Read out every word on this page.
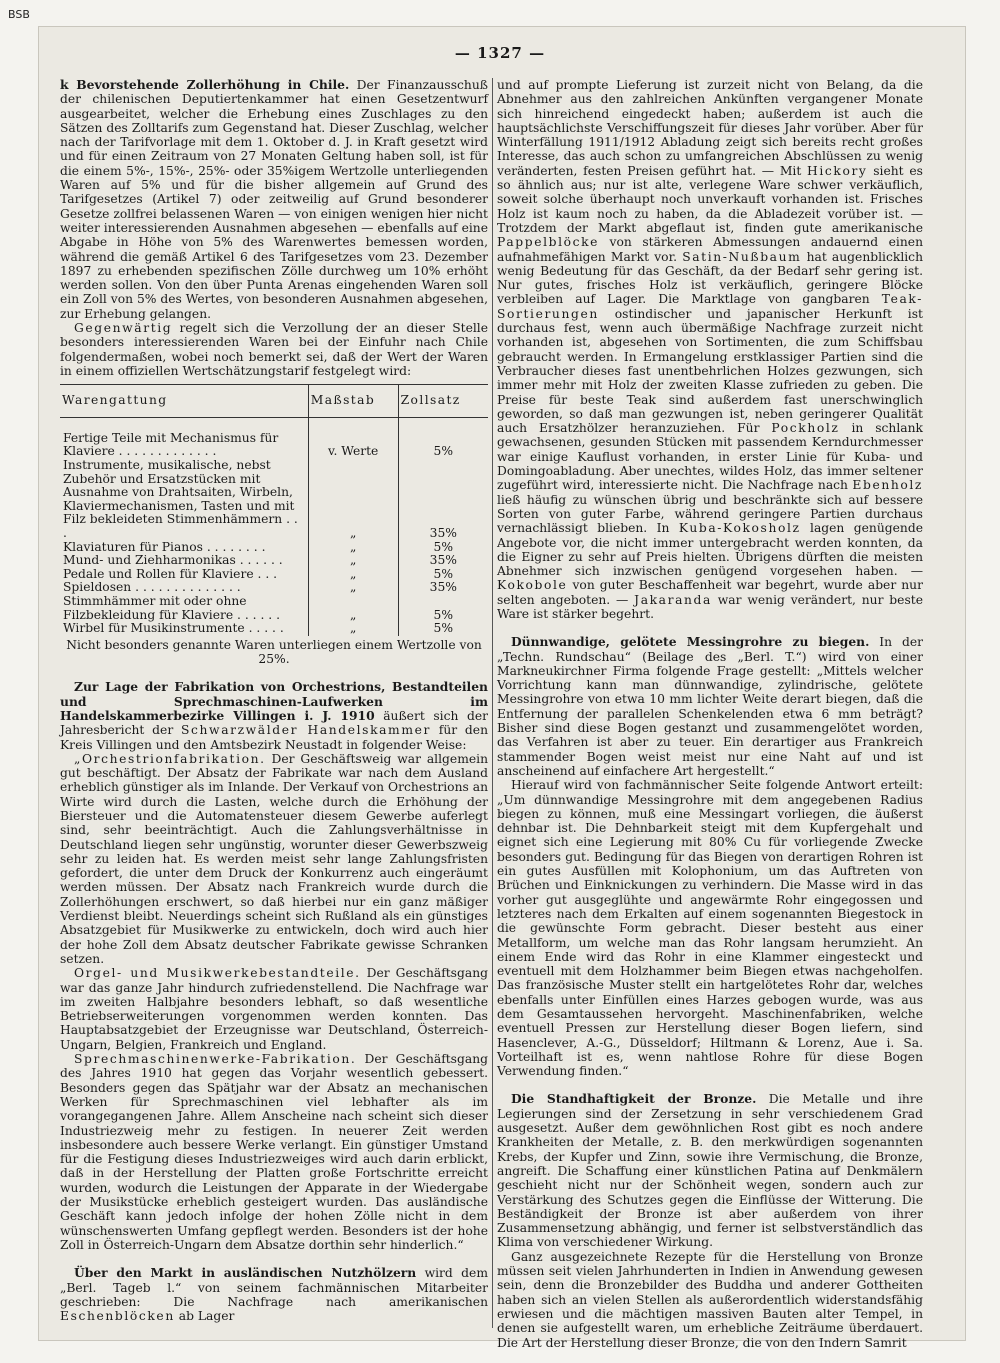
BSB
— 1327 —

k Bevorstehende Zollerhöhung in Chile. Der Finanzausschuß der chilenischen Deputiertenkammer hat einen Gesetzentwurf ausgearbeitet, welcher die Erhebung eines Zuschlages zu den Sätzen des Zolltarifs zum Gegenstand hat. Dieser Zuschlag, welcher nach der Tarifvorlage mit dem 1. Oktober d. J. in Kraft gesetzt wird und für einen Zeitraum von 27 Monaten Geltung haben soll, ist für die einem 5%-, 15%-, 25%- oder 35%igem Wertzolle unterliegenden Waren auf 5% und für die bisher allgemein auf Grund des Tarifgesetzes (Artikel 7) oder zeitweilig auf Grund besonderer Gesetze zollfrei belassenen Waren — von einigen wenigen hier nicht weiter interessierenden Ausnahmen abgesehen — ebenfalls auf eine Abgabe in Höhe von 5% des Warenwertes bemessen worden, während die gemäß Artikel 6 des Tarifgesetzes vom 23. Dezember 1897 zu erhebenden spezifischen Zölle durchweg um 10% erhöht werden sollen. Von den über Punta Arenas eingehenden Waren soll ein Zoll von 5% des Wertes, von besonderen Ausnahmen abgesehen, zur Erhebung gelangen.

Gegenwärtig regelt sich die Verzollung der an dieser Stelle besonders interessierenden Waren bei der Einfuhr nach Chile folgendermaßen, wobei noch bemerkt sei, daß der Wert der Waren in einem offiziellen Wertschätzungstarif festgelegt wird:

Warengattung	Maßstab	Zollsatz
Fertige Teile mit Mechanismus für Klaviere . . . . . . . . . . . . .	v. Werte	5%
Instrumente, musikalische, nebst Zubehör und Ersatzstücken mit Ausnahme von Drahtsaiten, Wirbeln, Klaviermechanismen, Tasten und mit Filz bekleideten Stimmenhämmern . . .	„	35%
Klaviaturen für Pianos . . . . . . . .	„	5%
Mund- und Ziehharmonikas . . . . . .	„	35%
Pedale und Rollen für Klaviere . . .	„	5%
Spieldosen . . . . . . . . . . . . . .	„	35%
Stimmhämmer mit oder ohne Filzbekleidung für Klaviere . . . . . .	„	5%
Wirbel für Musikinstrumente . . . . .	„	5%

Nicht besonders genannte Waren unterliegen einem Wertzolle von 25%.

Zur Lage der Fabrikation von Orchestrions, Bestandteilen und Sprechmaschinen-Laufwerken im Handelskammerbezirke Villingen i. J. 1910 äußert sich der Jahresbericht der Schwarzwälder Handelskammer für den Kreis Villingen und den Amtsbezirk Neustadt in folgender Weise:

„Orchestrionfabrikation. Der Geschäftsweig war allgemein gut beschäftigt. Der Absatz der Fabrikate war nach dem Ausland erheblich günstiger als im Inlande. Der Verkauf von Orchestrions an Wirte wird durch die Lasten, welche durch die Erhöhung der Biersteuer und die Automatensteuer diesem Gewerbe auferlegt sind, sehr beeinträchtigt. Auch die Zahlungsverhältnisse in Deutschland liegen sehr ungünstig, worunter dieser Gewerbszweig sehr zu leiden hat. Es werden meist sehr lange Zahlungsfristen gefordert, die unter dem Druck der Konkurrenz auch eingeräumt werden müssen. Der Absatz nach Frankreich wurde durch die Zollerhöhungen erschwert, so daß hierbei nur ein ganz mäßiger Verdienst bleibt. Neuerdings scheint sich Rußland als ein günstiges Absatzgebiet für Musikwerke zu entwickeln, doch wird auch hier der hohe Zoll dem Absatz deutscher Fabrikate gewisse Schranken setzen.

Orgel- und Musikwerkebestandteile. Der Geschäftsgang war das ganze Jahr hindurch zufriedenstellend. Die Nachfrage war im zweiten Halbjahre besonders lebhaft, so daß wesentliche Betriebserweiterungen vorgenommen werden konnten. Das Hauptabsatzgebiet der Erzeugnisse war Deutschland, Österreich-Ungarn, Belgien, Frankreich und England.

Sprechmaschinenwerke-Fabrikation. Der Geschäftsgang des Jahres 1910 hat gegen das Vorjahr wesentlich gebessert. Besonders gegen das Spätjahr war der Absatz an mechanischen Werken für Sprechmaschinen viel lebhafter als im vorangegangenen Jahre. Allem Anscheine nach scheint sich dieser Industriezweig mehr zu festigen. In neuerer Zeit werden insbesondere auch bessere Werke verlangt. Ein günstiger Umstand für die Festigung dieses Industriezweiges wird auch darin erblickt, daß in der Herstellung der Platten große Fortschritte erreicht wurden, wodurch die Leistungen der Apparate in der Wiedergabe der Musikstücke erheblich gesteigert wurden. Das ausländische Geschäft kann jedoch infolge der hohen Zölle nicht in dem wünschenswerten Umfang gepflegt werden. Besonders ist der hohe Zoll in Österreich-Ungarn dem Absatze dorthin sehr hinderlich.“

Über den Markt in ausländischen Nutzhölzern wird dem „Berl. Tageb l.“ von seinem fachmännischen Mitarbeiter geschrieben: Die Nachfrage nach amerikanischen Eschenblöcken ab Lager

und auf prompte Lieferung ist zurzeit nicht von Belang, da die Abnehmer aus den zahlreichen Ankünften vergangener Monate sich hinreichend eingedeckt haben; außerdem ist auch die hauptsächlichste Verschiffungszeit für dieses Jahr vorüber. Aber für Winterfällung 1911/1912 Abladung zeigt sich bereits recht großes Interesse, das auch schon zu umfangreichen Abschlüssen zu wenig veränderten, festen Preisen geführt hat. — Mit Hickory sieht es so ähnlich aus; nur ist alte, verlegene Ware schwer verkäuflich, soweit solche überhaupt noch unverkauft vorhanden ist. Frisches Holz ist kaum noch zu haben, da die Abladezeit vorüber ist. — Trotzdem der Markt abgeflaut ist, finden gute amerikanische Pappelblöcke von stärkeren Abmessungen andauernd einen aufnahmefähigen Markt vor. Satin-Nußbaum hat augenblicklich wenig Bedeutung für das Geschäft, da der Bedarf sehr gering ist. Nur gutes, frisches Holz ist verkäuflich, geringere Blöcke verbleiben auf Lager. Die Marktlage von gangbaren Teak-Sortierungen ostindischer und japanischer Herkunft ist durchaus fest, wenn auch übermäßige Nachfrage zurzeit nicht vorhanden ist, abgesehen von Sortimenten, die zum Schiffsbau gebraucht werden. In Ermangelung erstklassiger Partien sind die Verbraucher dieses fast unentbehrlichen Holzes gezwungen, sich immer mehr mit Holz der zweiten Klasse zufrieden zu geben. Die Preise für beste Teak sind außerdem fast unerschwinglich geworden, so daß man gezwungen ist, neben geringerer Qualität auch Ersatzhölzer heranzuziehen. Für Pockholz in schlank gewachsenen, gesunden Stücken mit passendem Kerndurchmesser war einige Kauflust vorhanden, in erster Linie für Kuba- und Domingoabladung. Aber unechtes, wildes Holz, das immer seltener zugeführt wird, interessierte nicht. Die Nachfrage nach Ebenholz ließ häufig zu wünschen übrig und beschränkte sich auf bessere Sorten von guter Farbe, während geringere Partien durchaus vernachlässigt blieben. In Kuba-Kokosholz lagen genügende Angebote vor, die nicht immer untergebracht werden konnten, da die Eigner zu sehr auf Preis hielten. Übrigens dürften die meisten Abnehmer sich inzwischen genügend vorgesehen haben. — Kokobole von guter Beschaffenheit war begehrt, wurde aber nur selten angeboten. — Jakaranda war wenig verändert, nur beste Ware ist stärker begehrt.

Dünnwandige, gelötete Messingrohre zu biegen. In der „Techn. Rundschau“ (Beilage des „Berl. T.“) wird von einer Markneukirchner Firma folgende Frage gestellt: „Mittels welcher Vorrichtung kann man dünnwandige, zylindrische, gelötete Messingrohre von etwa 10 mm lichter Weite derart biegen, daß die Entfernung der parallelen Schenkelenden etwa 6 mm beträgt? Bisher sind diese Bogen gestanzt und zusammengelötet worden, das Verfahren ist aber zu teuer. Ein derartiger aus Frankreich stammender Bogen weist meist nur eine Naht auf und ist anscheinend auf einfachere Art hergestellt.“

Hierauf wird von fachmännischer Seite folgende Antwort erteilt: „Um dünnwandige Messingrohre mit dem angegebenen Radius biegen zu können, muß eine Messingart vorliegen, die äußerst dehnbar ist. Die Dehnbarkeit steigt mit dem Kupfergehalt und eignet sich eine Legierung mit 80% Cu für vorliegende Zwecke besonders gut. Bedingung für das Biegen von derartigen Rohren ist ein gutes Ausfüllen mit Kolophonium, um das Auftreten von Brüchen und Einknickungen zu verhindern. Die Masse wird in das vorher gut ausgeglühte und angewärmte Rohr eingegossen und letzteres nach dem Erkalten auf einem sogenannten Biegestock in die gewünschte Form gebracht. Dieser besteht aus einer Metallform, um welche man das Rohr langsam herumzieht. An einem Ende wird das Rohr in eine Klammer eingesteckt und eventuell mit dem Holzhammer beim Biegen etwas nachgeholfen. Das französische Muster stellt ein hartgelötetes Rohr dar, welches ebenfalls unter Einfüllen eines Harzes gebogen wurde, was aus dem Gesamtaussehen hervorgeht. Maschinenfabriken, welche eventuell Pressen zur Herstellung dieser Bogen liefern, sind Hasenclever, A.-G., Düsseldorf; Hiltmann & Lorenz, Aue i. Sa. Vorteilhaft ist es, wenn nahtlose Rohre für diese Bogen Verwendung finden.“

Die Standhaftigkeit der Bronze. Die Metalle und ihre Legierungen sind der Zersetzung in sehr verschiedenem Grad ausgesetzt. Außer dem gewöhnlichen Rost gibt es noch andere Krankheiten der Metalle, z. B. den merkwürdigen sogenannten Krebs, der Kupfer und Zinn, sowie ihre Vermischung, die Bronze, angreift. Die Schaffung einer künstlichen Patina auf Denkmälern geschieht nicht nur der Schönheit wegen, sondern auch zur Verstärkung des Schutzes gegen die Einflüsse der Witterung. Die Beständigkeit der Bronze ist aber außerdem von ihrer Zusammensetzung abhängig, und ferner ist selbstverständlich das Klima von verschiedener Wirkung.

Ganz ausgezeichnete Rezepte für die Herstellung von Bronze müssen seit vielen Jahrhunderten in Indien in Anwendung gewesen sein, denn die Bronzebilder des Buddha und anderer Gottheiten haben sich an vielen Stellen als außerordentlich widerstandsfähig erwiesen und die mächtigen massiven Bauten alter Tempel, in denen sie aufgestellt waren, um erhebliche Zeiträume überdauert. Die Art der Herstellung dieser Bronze, die von den Indern Samrit
